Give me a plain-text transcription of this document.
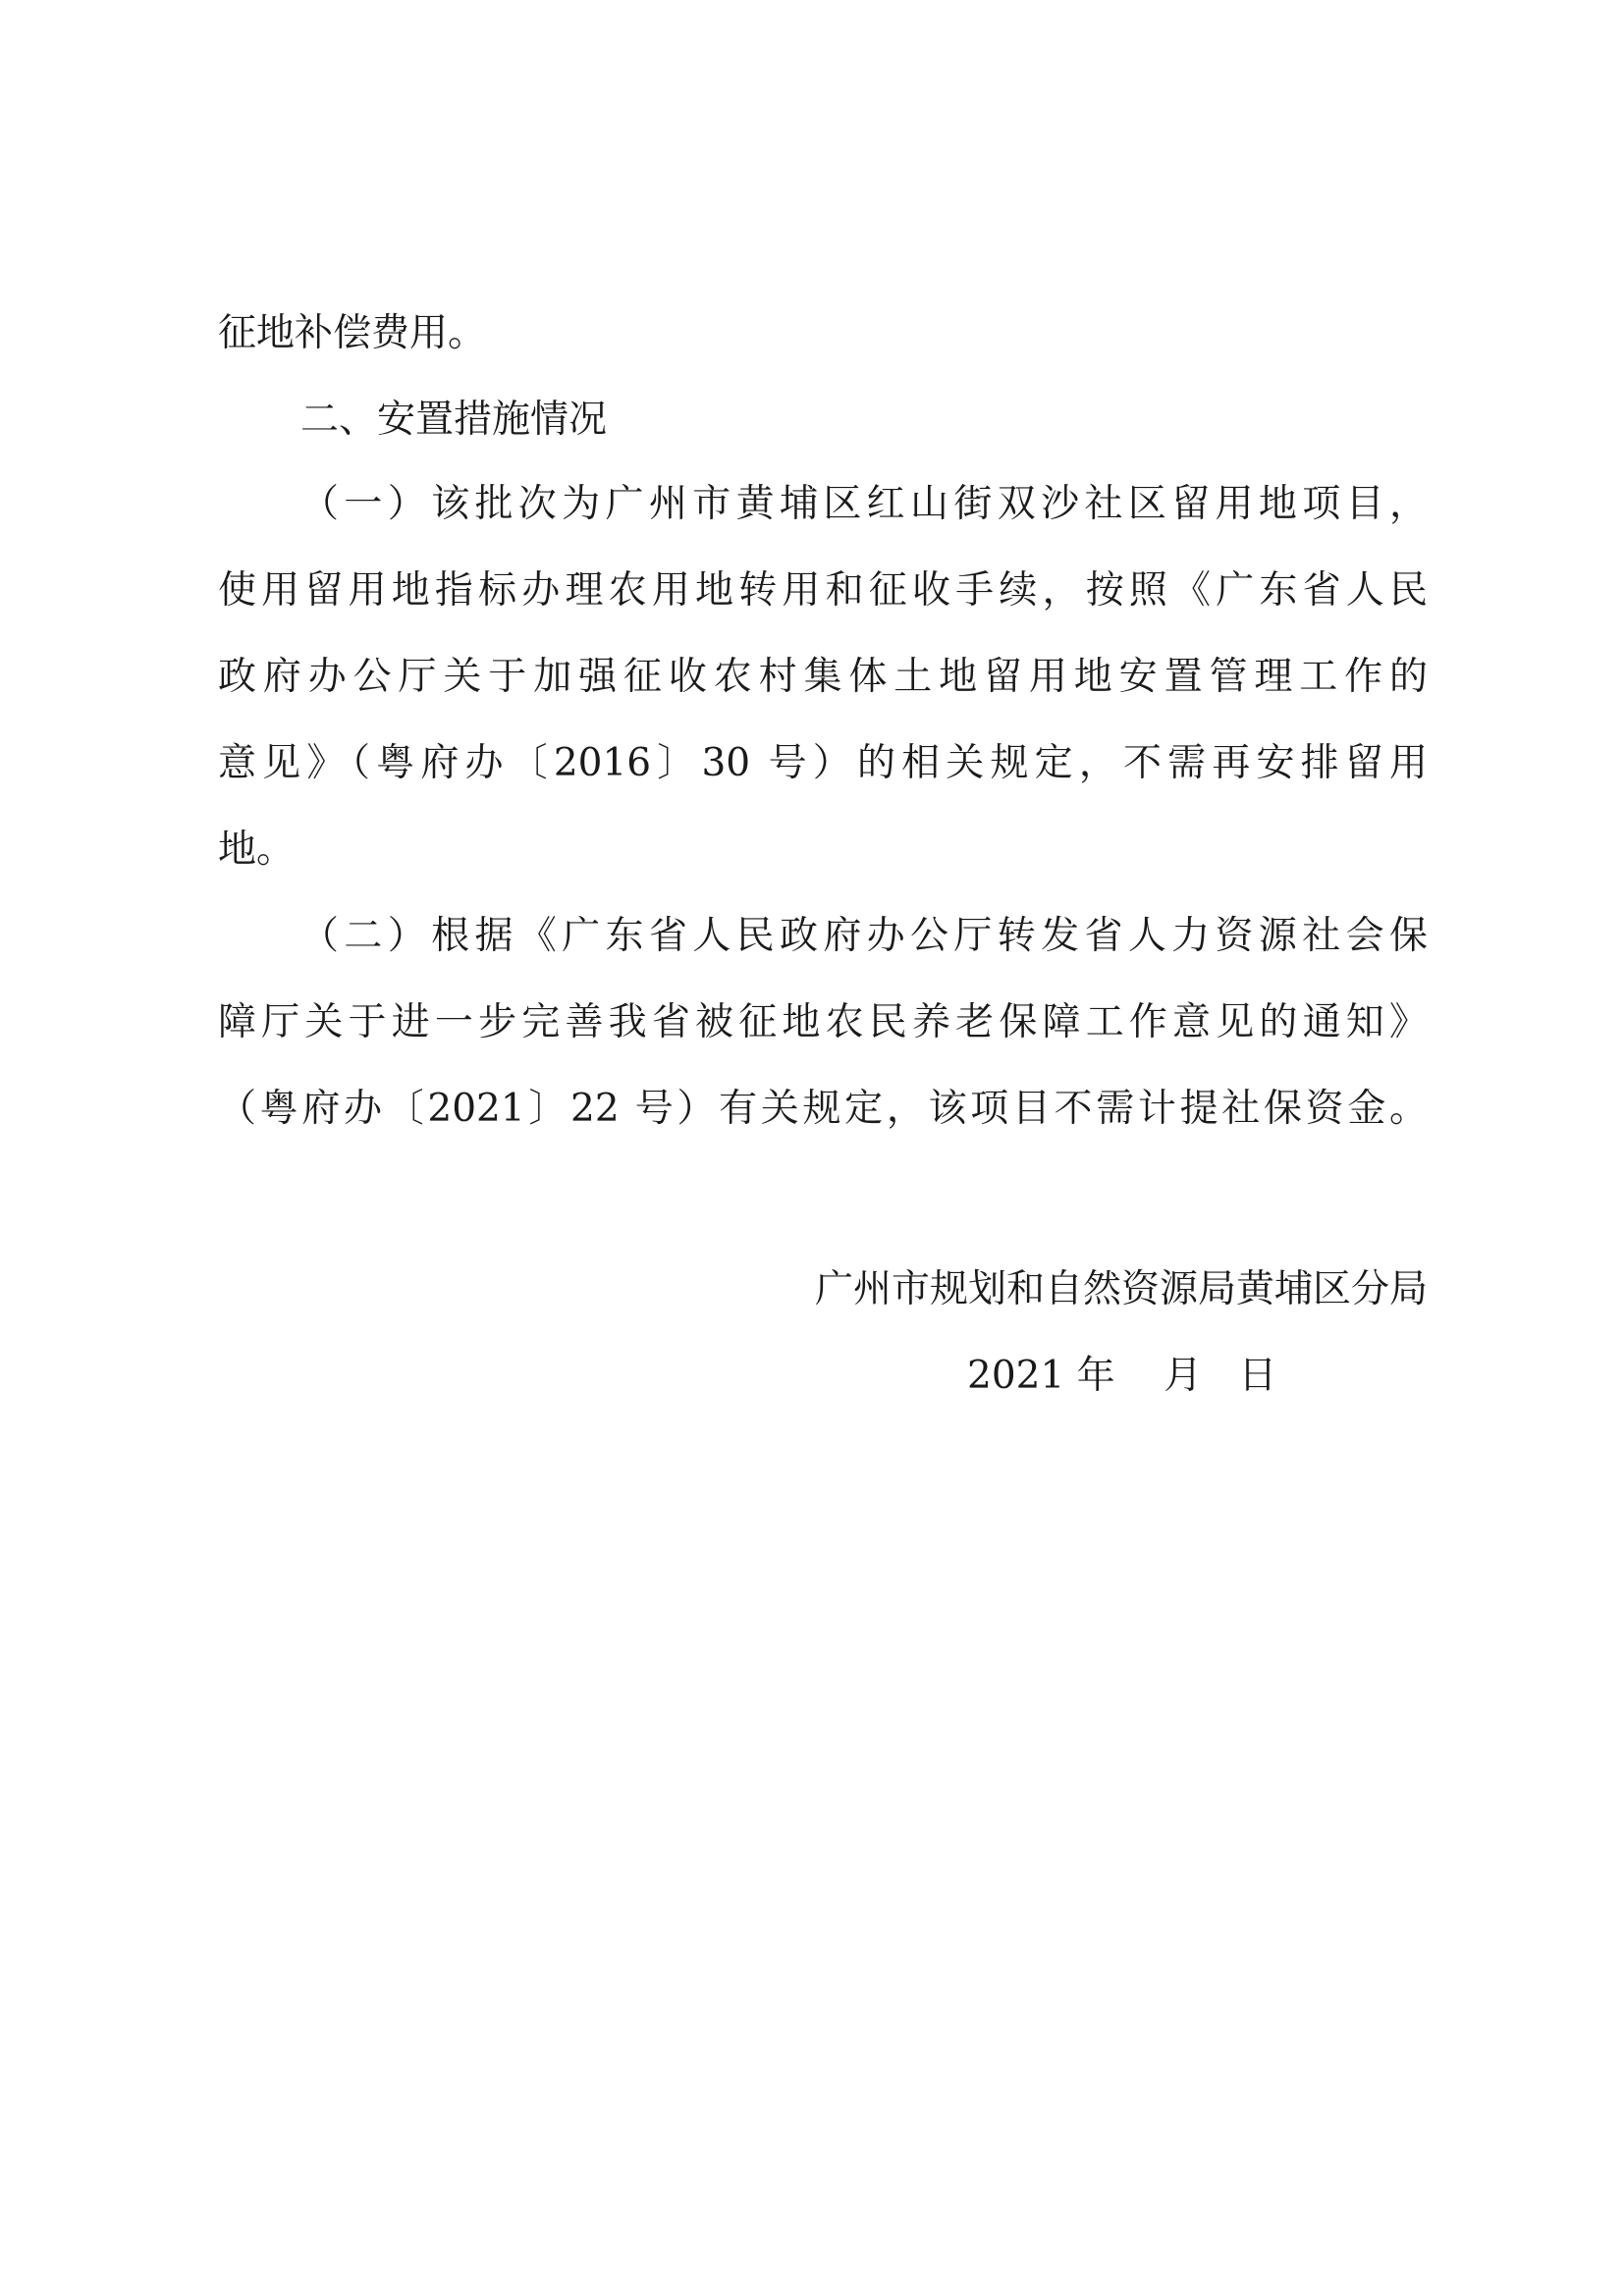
征地补偿费用。
二、安置措施情况
（一）该批次为广州市黄埔区红山街双沙社区留用地项目，
使用留用地指标办理农用地转用和征收手续，按照《广东省人民
政府办公厅关于加强征收农村集体土地留用地安置管理工作的
意见》（粤府办〔2016〕30 号）的相关规定，不需再安排留用
地。
（二）根据《广东省人民政府办公厅转发省人力资源社会保
障厅关于进一步完善我省被征地农民养老保障工作意见的通知》
（粤府办〔2021〕22 号）有关规定，该项目不需计提社保资金。
广州市规划和自然资源局黄埔区分局
2021 年    月   日
